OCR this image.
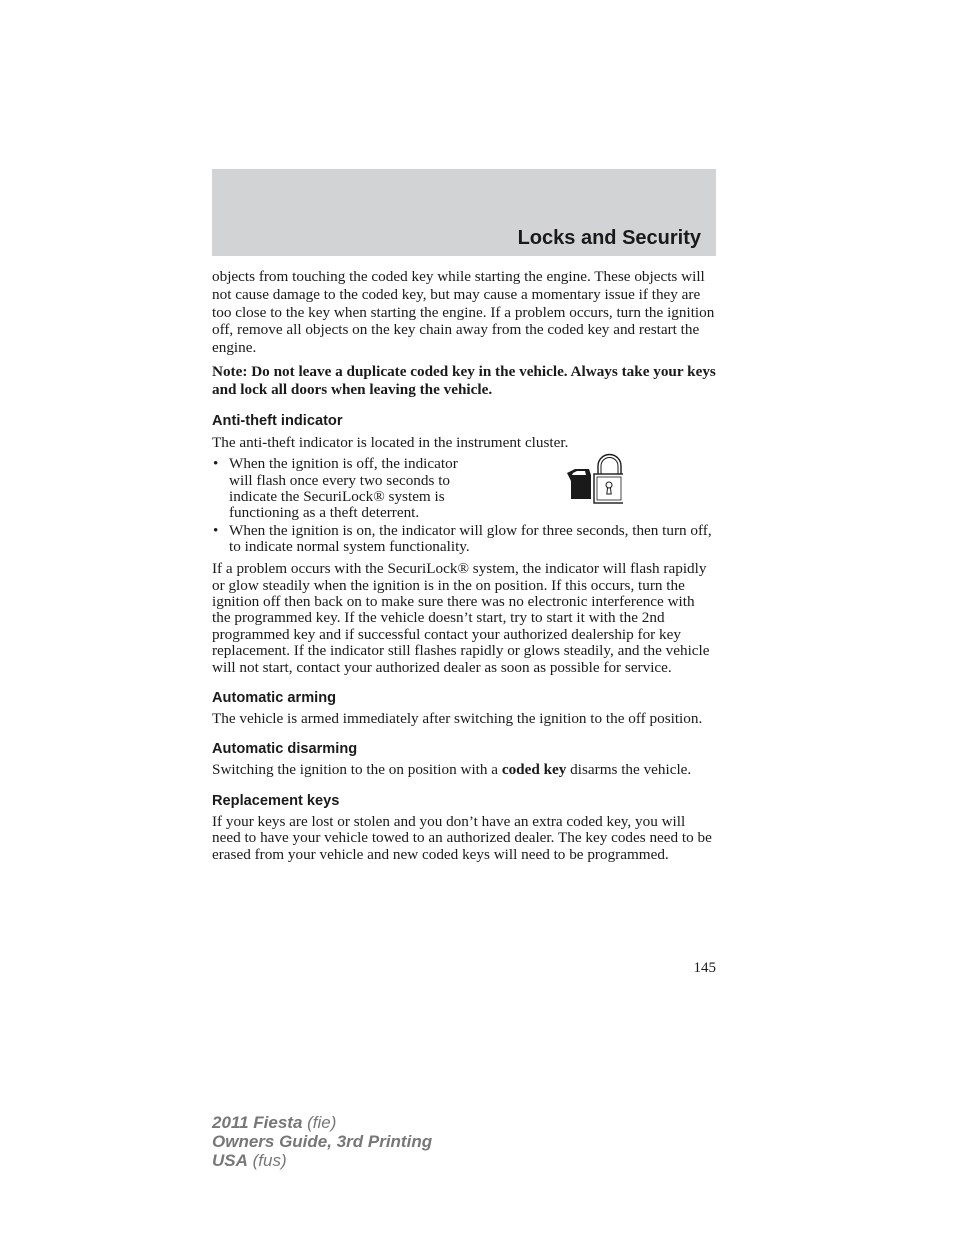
Locks and Security

objects from touching the coded key while starting the engine. These objects will not cause damage to the coded key, but may cause a momentary issue if they are too close to the key when starting the engine. If a problem occurs, turn the ignition off, remove all objects on the key chain away from the coded key and restart the engine.

Note: Do not leave a duplicate coded key in the vehicle. Always take your keys and lock all doors when leaving the vehicle.

Anti-theft indicator

The anti-theft indicator is located in the instrument cluster.

• When the ignition is off, the indicator will flash once every two seconds to indicate the SecuriLock® system is functioning as a theft deterrent.
• When the ignition is on, the indicator will glow for three seconds, then turn off, to indicate normal system functionality.

If a problem occurs with the SecuriLock® system, the indicator will flash rapidly or glow steadily when the ignition is in the on position. If this occurs, turn the ignition off then back on to make sure there was no electronic interference with the programmed key. If the vehicle doesn’t start, try to start it with the 2nd programmed key and if successful contact your authorized dealership for key replacement. If the indicator still flashes rapidly or glows steadily, and the vehicle will not start, contact your authorized dealer as soon as possible for service.

Automatic arming

The vehicle is armed immediately after switching the ignition to the off position.

Automatic disarming

Switching the ignition to the on position with a coded key disarms the vehicle.

Replacement keys

If your keys are lost or stolen and you don’t have an extra coded key, you will need to have your vehicle towed to an authorized dealer. The key codes need to be erased from your vehicle and new coded keys will need to be programmed.

145
2011 Fiesta (fie)
Owners Guide, 3rd Printing
USA (fus)
